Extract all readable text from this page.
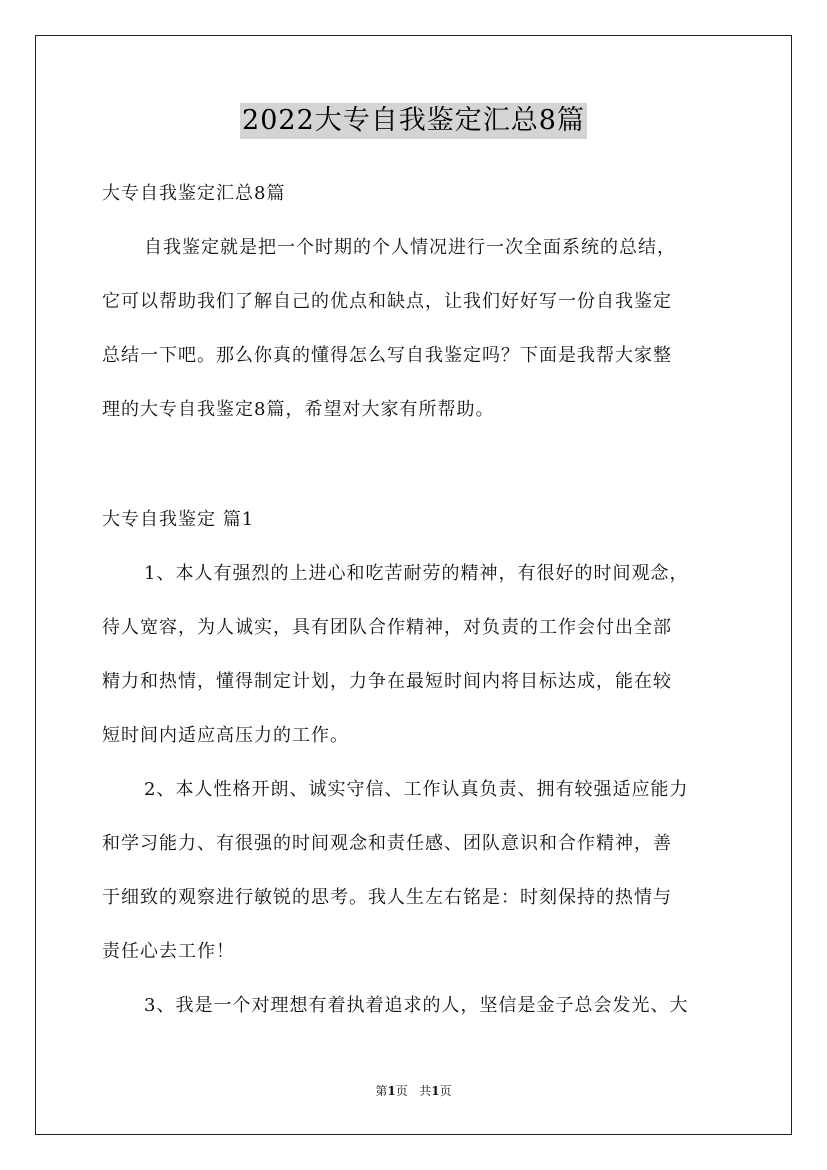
2022大专自我鉴定汇总8篇
大专自我鉴定汇总8篇
自我鉴定就是把一个时期的个人情况进行一次全面系统的总结，
它可以帮助我们了解自己的优点和缺点，让我们好好写一份自我鉴定
总结一下吧。那么你真的懂得怎么写自我鉴定吗？下面是我帮大家整
理的大专自我鉴定8篇，希望对大家有所帮助。
大专自我鉴定 篇1
1、本人有强烈的上进心和吃苦耐劳的精神，有很好的时间观念，
待人宽容，为人诚实，具有团队合作精神，对负责的工作会付出全部
精力和热情，懂得制定计划，力争在最短时间内将目标达成，能在较
短时间内适应高压力的工作。
2、本人性格开朗、诚实守信、工作认真负责、拥有较强适应能力
和学习能力、有很强的时间观念和责任感、团队意识和合作精神，善
于细致的观察进行敏锐的思考。我人生左右铭是：时刻保持的热情与
责任心去工作！
3、我是一个对理想有着执着追求的人，坚信是金子总会发光、大
第1页 共1页
